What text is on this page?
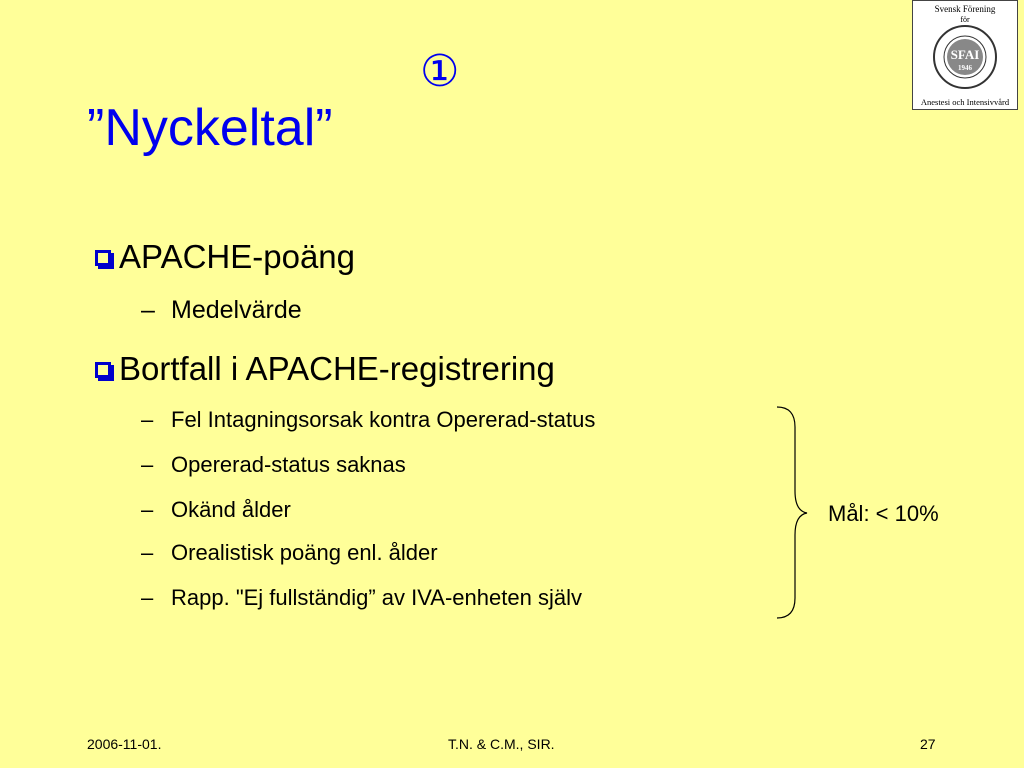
①
”Nyckeltal”
Svensk Förening
för
SFAI
1946
Anestesi och Intensivvård
APACHE-poäng
– Medelvärde
Bortfall i APACHE-registrering
– Fel Intagningsorsak kontra Opererad-status
– Opererad-status saknas
– Okänd ålder
– Orealistisk poäng enl. ålder
– Rapp. "Ej fullständig” av IVA-enheten själv
Mål: < 10%
2006-11-01.	T.N. & C.M., SIR.	27
